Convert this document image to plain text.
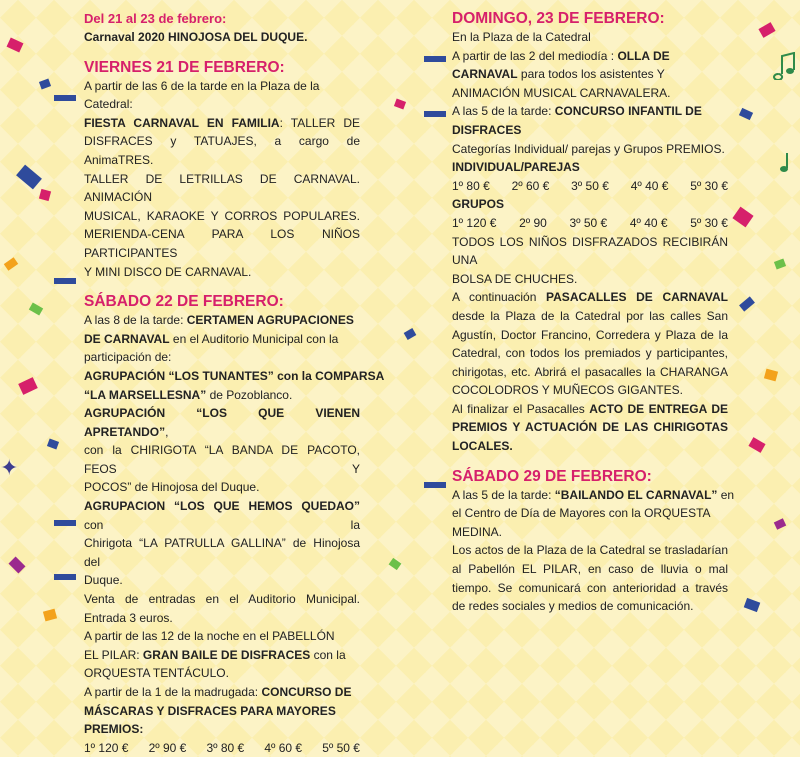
✦
Del 21 al 23 de febrero:
Carnaval 2020 HINOJOSA DEL DUQUE.
VIERNES 21 DE FEBRERO:
A partir de las 6 de la tarde en la Plaza de la
Catedral:
FIESTA CARNAVAL EN FAMILIA: TALLER DE
DISFRACES y TATUAJES, a cargo de AnimaTRES.
TALLER DE LETRILLAS DE CARNAVAL. ANIMACIÓN
MUSICAL, KARAOKE Y CORROS POPULARES.
MERIENDA-CENA PARA LOS NIÑOS PARTICIPANTES
Y MINI DISCO DE CARNAVAL.
SÁBADO 22 DE FEBRERO:
A las 8 de la tarde: CERTAMEN AGRUPACIONES
DE CARNAVAL en el Auditorio Municipal con la
participación de:
AGRUPACIÓN “LOS TUNANTES” con la COMPARSA
“LA MARSELLESNA” de Pozoblanco.
AGRUPACIÓN “LOS QUE VIENEN APRETANDO”,
con la CHIRIGOTA “LA BANDA DE PACOTO, FEOS Y
POCOS” de Hinojosa del Duque.
AGRUPACION “LOS QUE HEMOS QUEDAO” con la
Chirigota “LA PATRULLA GALLINA” de Hinojosa del
Duque.
Venta de entradas en el Auditorio Municipal.
Entrada 3 euros.
A partir de las 12 de la noche en el PABELLÓN
EL PILAR: GRAN BAILE DE DISFRACES con la
ORQUESTA TENTÁCULO.
A partir de la 1 de la madrugada: CONCURSO DE
MÁSCARAS Y DISFRACES PARA MAYORES
PREMIOS:
1º 120 € 2º 90 € 3º 80 € 4º 60 € 5º 50 €
DOMINGO, 23 DE FEBRERO:
En la Plaza de la Catedral
A partir de las 2 del mediodía : OLLA DE
CARNAVAL para todos los asistentes Y
ANIMACIÓN MUSICAL CARNAVALERA.
A las 5 de la tarde: CONCURSO INFANTIL DE
DISFRACES
Categorías Individual/ parejas y Grupos PREMIOS.
INDIVIDUAL/PAREJAS
1º 80 € 2º 60 € 3º 50 € 4º 40 € 5º 30 €
GRUPOS
1º 120 € 2º 90 3º 50 € 4º 40 € 5º 30 €
TODOS LOS NIÑOS DISFRAZADOS RECIBIRÁN UNA
BOLSA DE CHUCHES.
A continuación PASACALLES DE CARNAVAL
desde la Plaza de la Catedral por las calles San
Agustín, Doctor Francino, Corredera y Plaza de la
Catedral, con todos los premiados y participantes,
chirigotas, etc. Abrirá el pasacalles la CHARANGA
COCOLODROS Y MUÑECOS GIGANTES.
Al finalizar el Pasacalles ACTO DE ENTREGA DE
PREMIOS Y ACTUACIÓN DE LAS CHIRIGOTAS
LOCALES.
SÁBADO 29 DE FEBRERO:
A las 5 de la tarde: “BAILANDO EL CARNAVAL” en
el Centro de Día de Mayores con la ORQUESTA
MEDINA.
Los actos de la Plaza de la Catedral se trasladarían
al Pabellón EL PILAR, en caso de lluvia o mal
tiempo. Se comunicará con anterioridad a través
de redes sociales y medios de comunicación.
